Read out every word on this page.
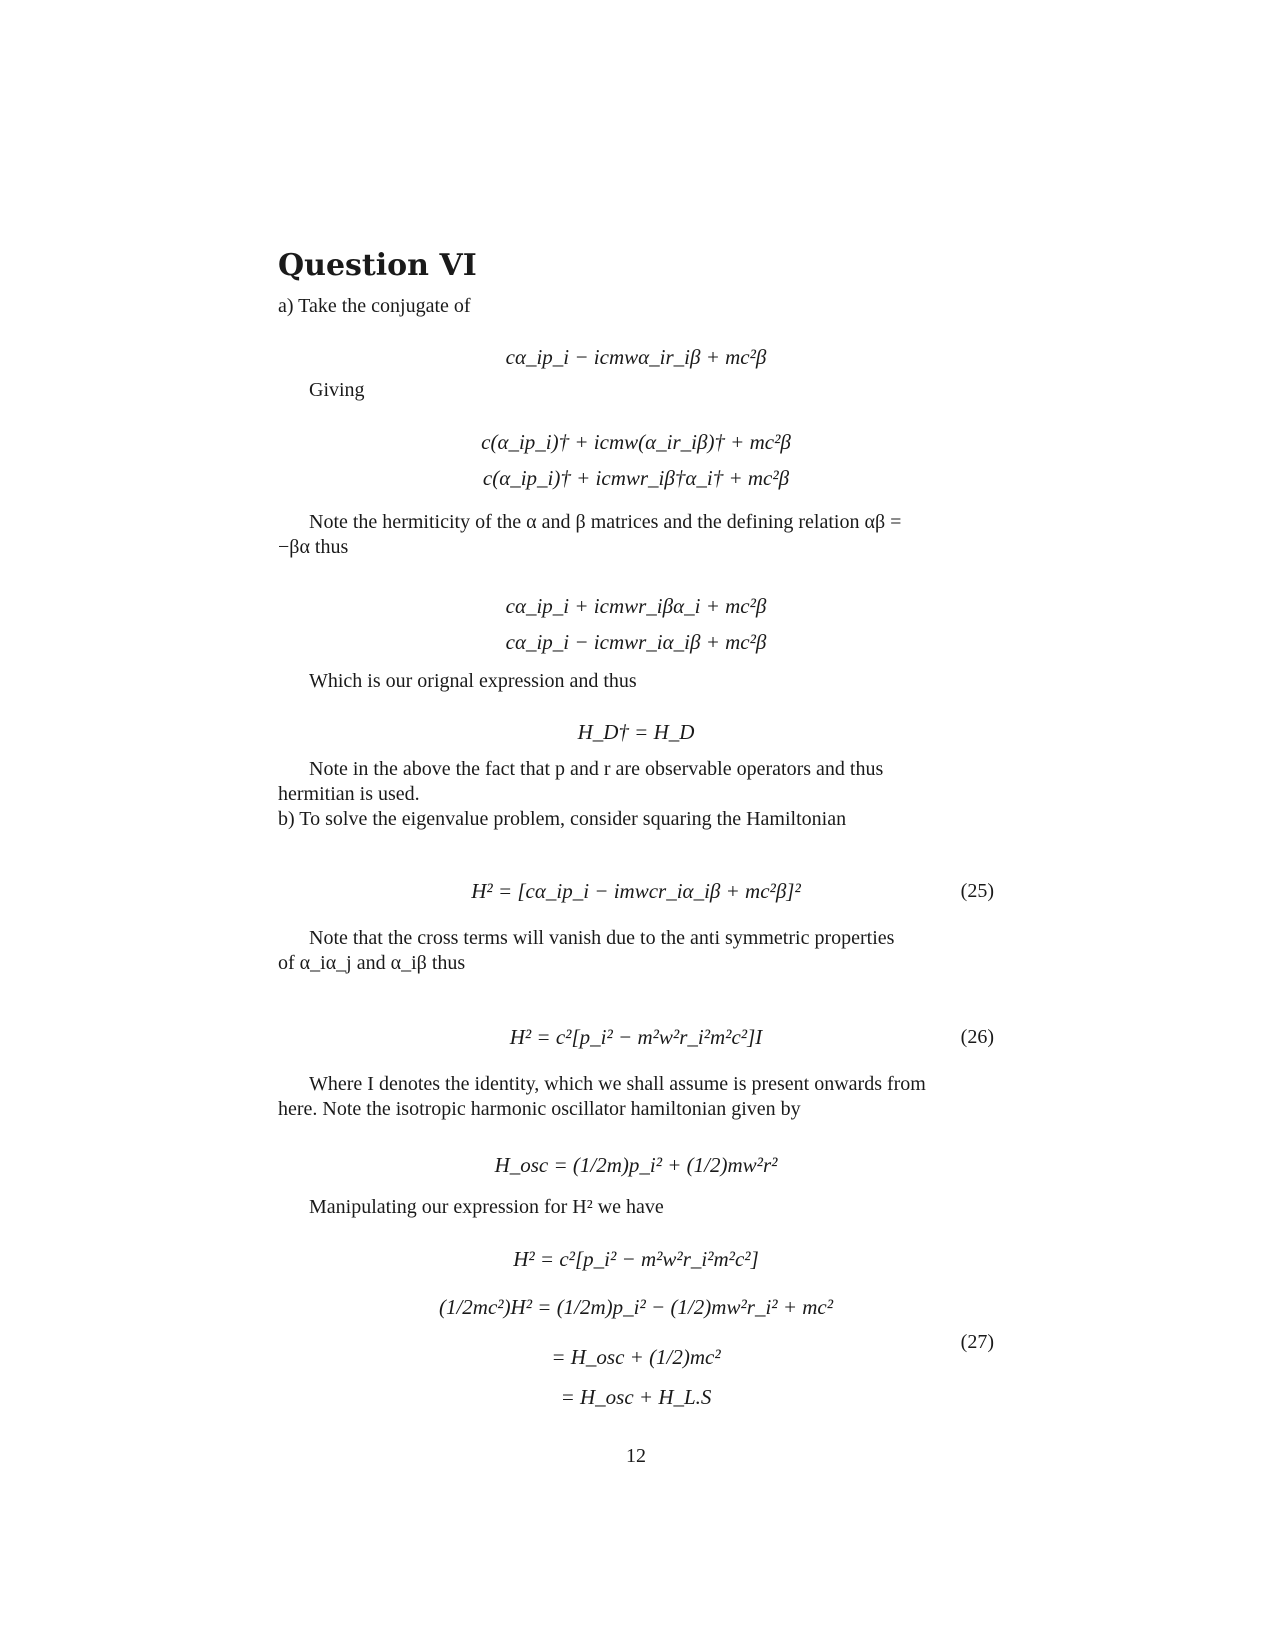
Question VI
a) Take the conjugate of
cα_ip_i − icmwα_ir_iβ + mc²β
Giving
c(α_ip_i)† + icmw(α_ir_iβ)† + mc²β
c(α_ip_i)† + icmwr_iβ†α_i† + mc²β
Note the hermiticity of the α and β matrices and the defining relation αβ =
−βα thus
cα_ip_i + icmwr_iβα_i + mc²β
cα_ip_i − icmwr_iα_iβ + mc²β
Which is our orignal expression and thus
H_D† = H_D
Note in the above the fact that p and r are observable operators and thus
hermitian is used.
b) To solve the eigenvalue problem, consider squaring the Hamiltonian
H² = [cα_ip_i − imwcr_iα_iβ + mc²β]²	(25)
Note that the cross terms will vanish due to the anti symmetric properties
of α_iα_j and α_iβ thus
H² = c²[p_i² − m²w²r_i²m²c²]I	(26)
Where I denotes the identity, which we shall assume is present onwards from
here. Note the isotropic harmonic oscillator hamiltonian given by
H_osc = (1/2m)p_i² + (1/2)mw²r²
Manipulating our expression for H² we have
H² = c²[p_i² − m²w²r_i²m²c²]
(1/2mc²)H² = (1/2m)p_i² − (1/2)mw²r_i² + mc²
= H_osc + (1/2)mc²
(27)
= H_osc + H_L.S
12
